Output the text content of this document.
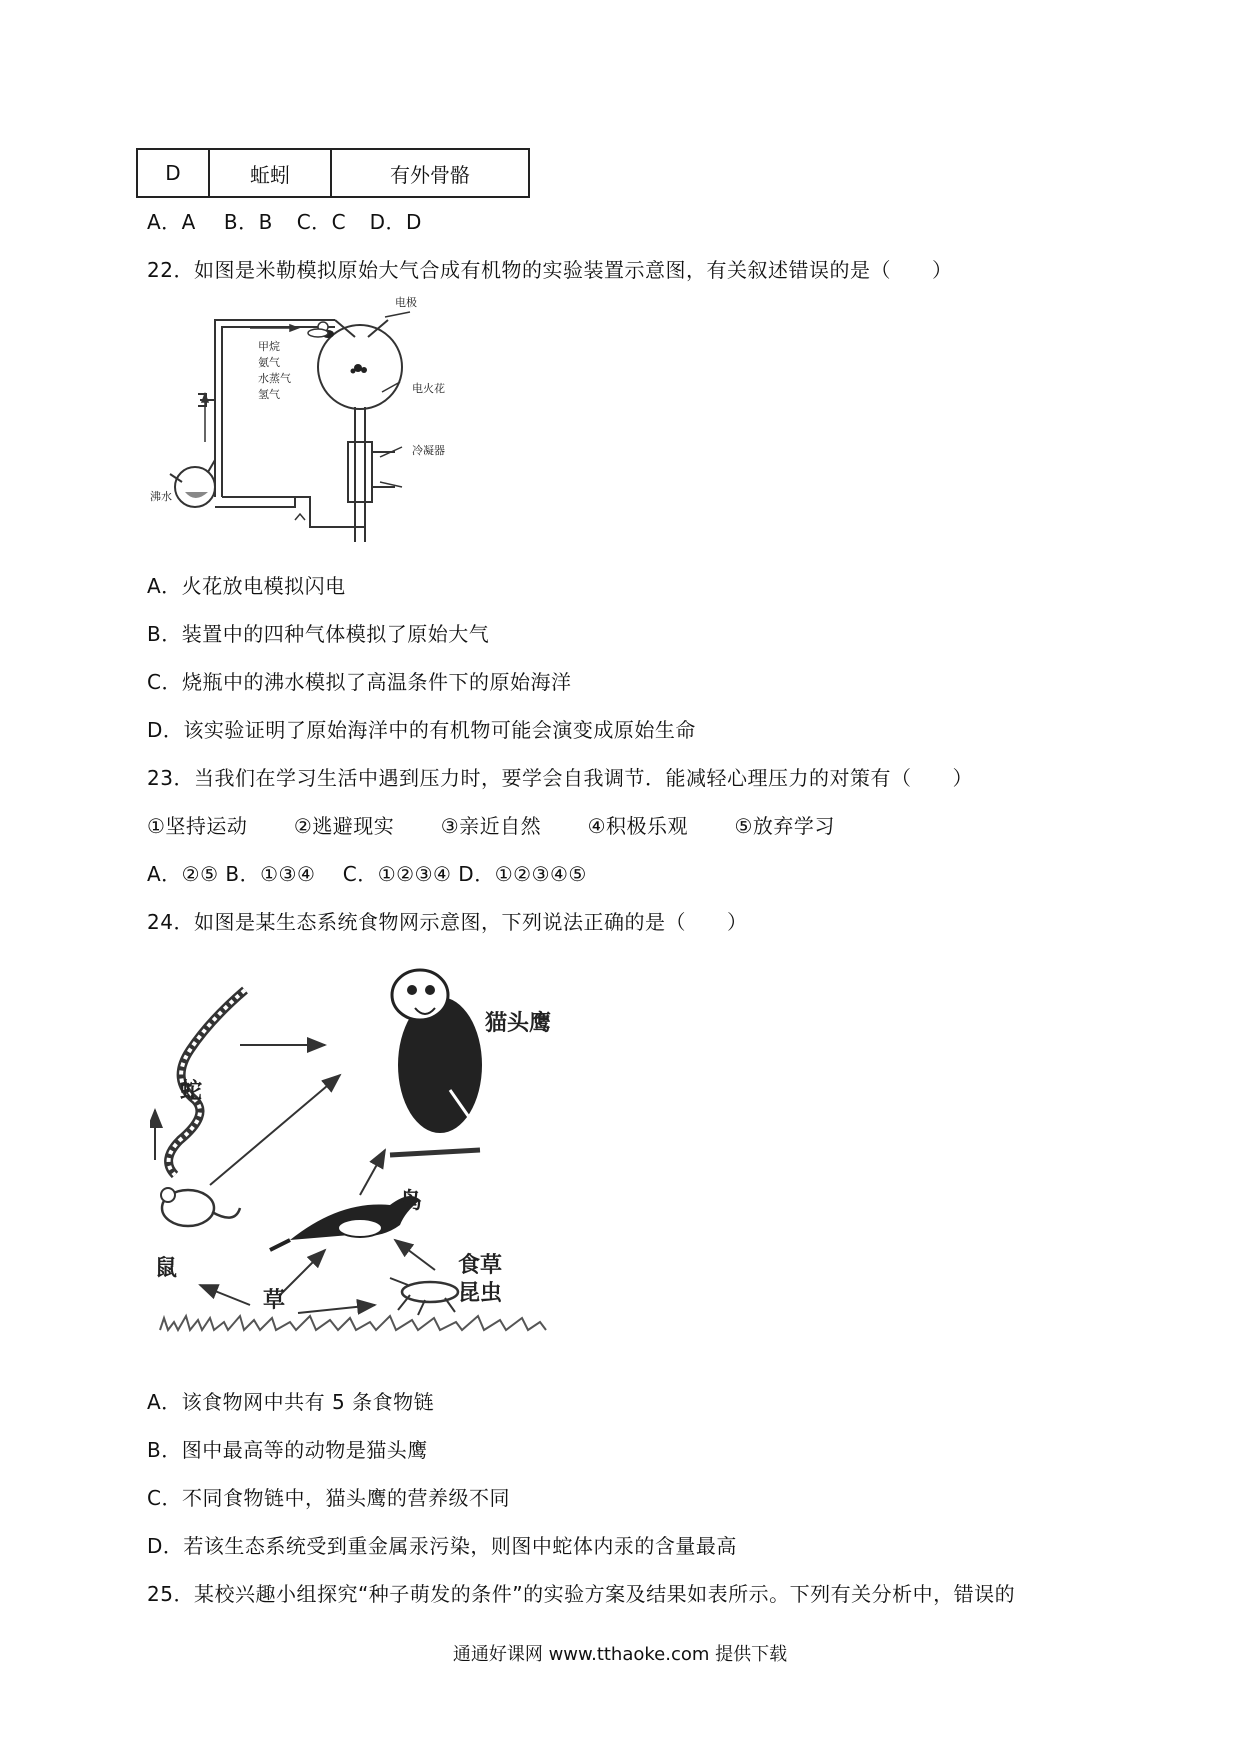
D	蚯蚓	有外骨骼
A．A B．B C．C D．D
22．如图是米勒模拟原始大气合成有机物的实验装置示意图，有关叙述错误的是（　　）
电极
电火花
冷凝器
甲烷
氨气
水蒸气
氢气
沸水
A．火花放电模拟闪电
B．装置中的四种气体模拟了原始大气
C．烧瓶中的沸水模拟了高温条件下的原始海洋
D．该实验证明了原始海洋中的有机物可能会演变成原始生命
23．当我们在学习生活中遇到压力时，要学会自我调节．能减轻心理压力的对策有（　　）
①坚持运动 ②逃避现实 ③亲近自然 ④积极乐观 ⑤放弃学习
A．②⑤ B．①③④　 C．①②③④ D．①②③④⑤
24．如图是某生态系统食物网示意图，下列说法正确的是（　　）
猫头鹰
蛇
鸟
鼠
草
食草
昆虫
A．该食物网中共有 5 条食物链
B．图中最高等的动物是猫头鹰
C．不同食物链中，猫头鹰的营养级不同
D．若该生态系统受到重金属汞污染，则图中蛇体内汞的含量最高
25．某校兴趣小组探究“种子萌发的条件”的实验方案及结果如表所示。下列有关分析中，错误的
通通好课网 www.tthaoke.com 提供下载
